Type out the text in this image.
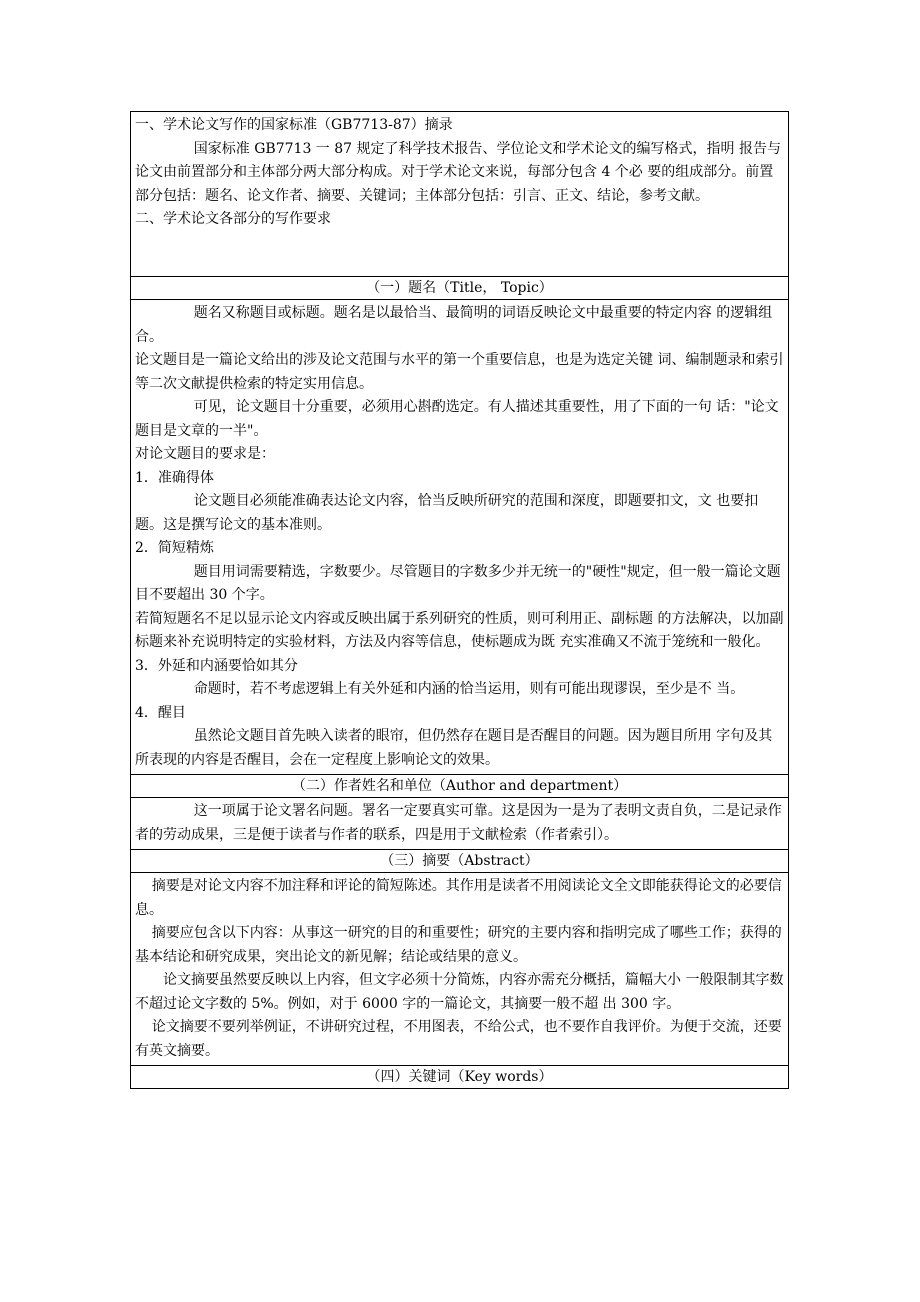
一、学术论文写作的国家标准（GB7713-87）摘录

国家标准 GB7713 一 87 规定了科学技术报告、学位论文和学术论文的编写格式，指明 报告与论文由前置部分和主体部分两大部分构成。对于学术论文来说，每部分包含 4 个必 要的组成部分。前置部分包括：题名、论文作者、摘要、关键词；主体部分包括：引言、正文、结论，参考文献。

二、学术论文各部分的写作要求

（一）题名（Title， Topic）

题名又称题目或标题。题名是以最恰当、最简明的词语反映论文中最重要的特定内容 的逻辑组合。

论文题目是一篇论文给出的涉及论文范围与水平的第一个重要信息，也是为选定关键 词、编制题录和索引等二次文献提供检索的特定实用信息。

可见，论文题目十分重要，必须用心斟酌选定。有人描述其重要性，用了下面的一句 话："论文题目是文章的一半"。

对论文题目的要求是：

1．准确得体

论文题目必须能准确表达论文内容，恰当反映所研究的范围和深度，即题要扣文，文 也要扣题。这是撰写论文的基本准则。

2．简短精炼

题目用词需要精选，字数要少。尽管题目的字数多少并无统一的"硬性"规定，但一般一篇论文题目不要超出 30 个字。

若简短题名不足以显示论文内容或反映出属于系列研究的性质，则可利用正、副标题 的方法解决，以加副标题来补充说明特定的实验材料，方法及内容等信息，使标题成为既 充实准确又不流于笼统和一般化。

3．外延和内涵要恰如其分

命题时，若不考虑逻辑上有关外延和内涵的恰当运用，则有可能出现谬误，至少是不 当。

4．醒目

虽然论文题目首先映入读者的眼帘，但仍然存在题目是否醒目的问题。因为题目所用 字句及其所表现的内容是否醒目，会在一定程度上影响论文的效果。

（二）作者姓名和单位（Author and department）

这一项属于论文署名问题。署名一定要真实可靠。这是因为一是为了表明文责自负，二是记录作者的劳动成果，三是便于读者与作者的联系，四是用于文献检索（作者索引）。

（三）摘要（Abstract）

摘要是对论文内容不加注释和评论的简短陈述。其作用是读者不用阅读论文全文即能获得论文的必要信息。

摘要应包含以下内容：从事这一研究的目的和重要性；研究的主要内容和指明完成了哪些工作；获得的基本结论和研究成果，突出论文的新见解；结论或结果的意义。

论文摘要虽然要反映以上内容，但文字必须十分简炼，内容亦需充分概括，篇幅大小 一般限制其字数不超过论文字数的 5%。例如，对于 6000 字的一篇论文，其摘要一般不超 出 300 字。

论文摘要不要列举例证，不讲研究过程，不用图表，不给公式，也不要作自我评价。为便于交流，还要有英文摘要。

（四）关键词（Key words）
